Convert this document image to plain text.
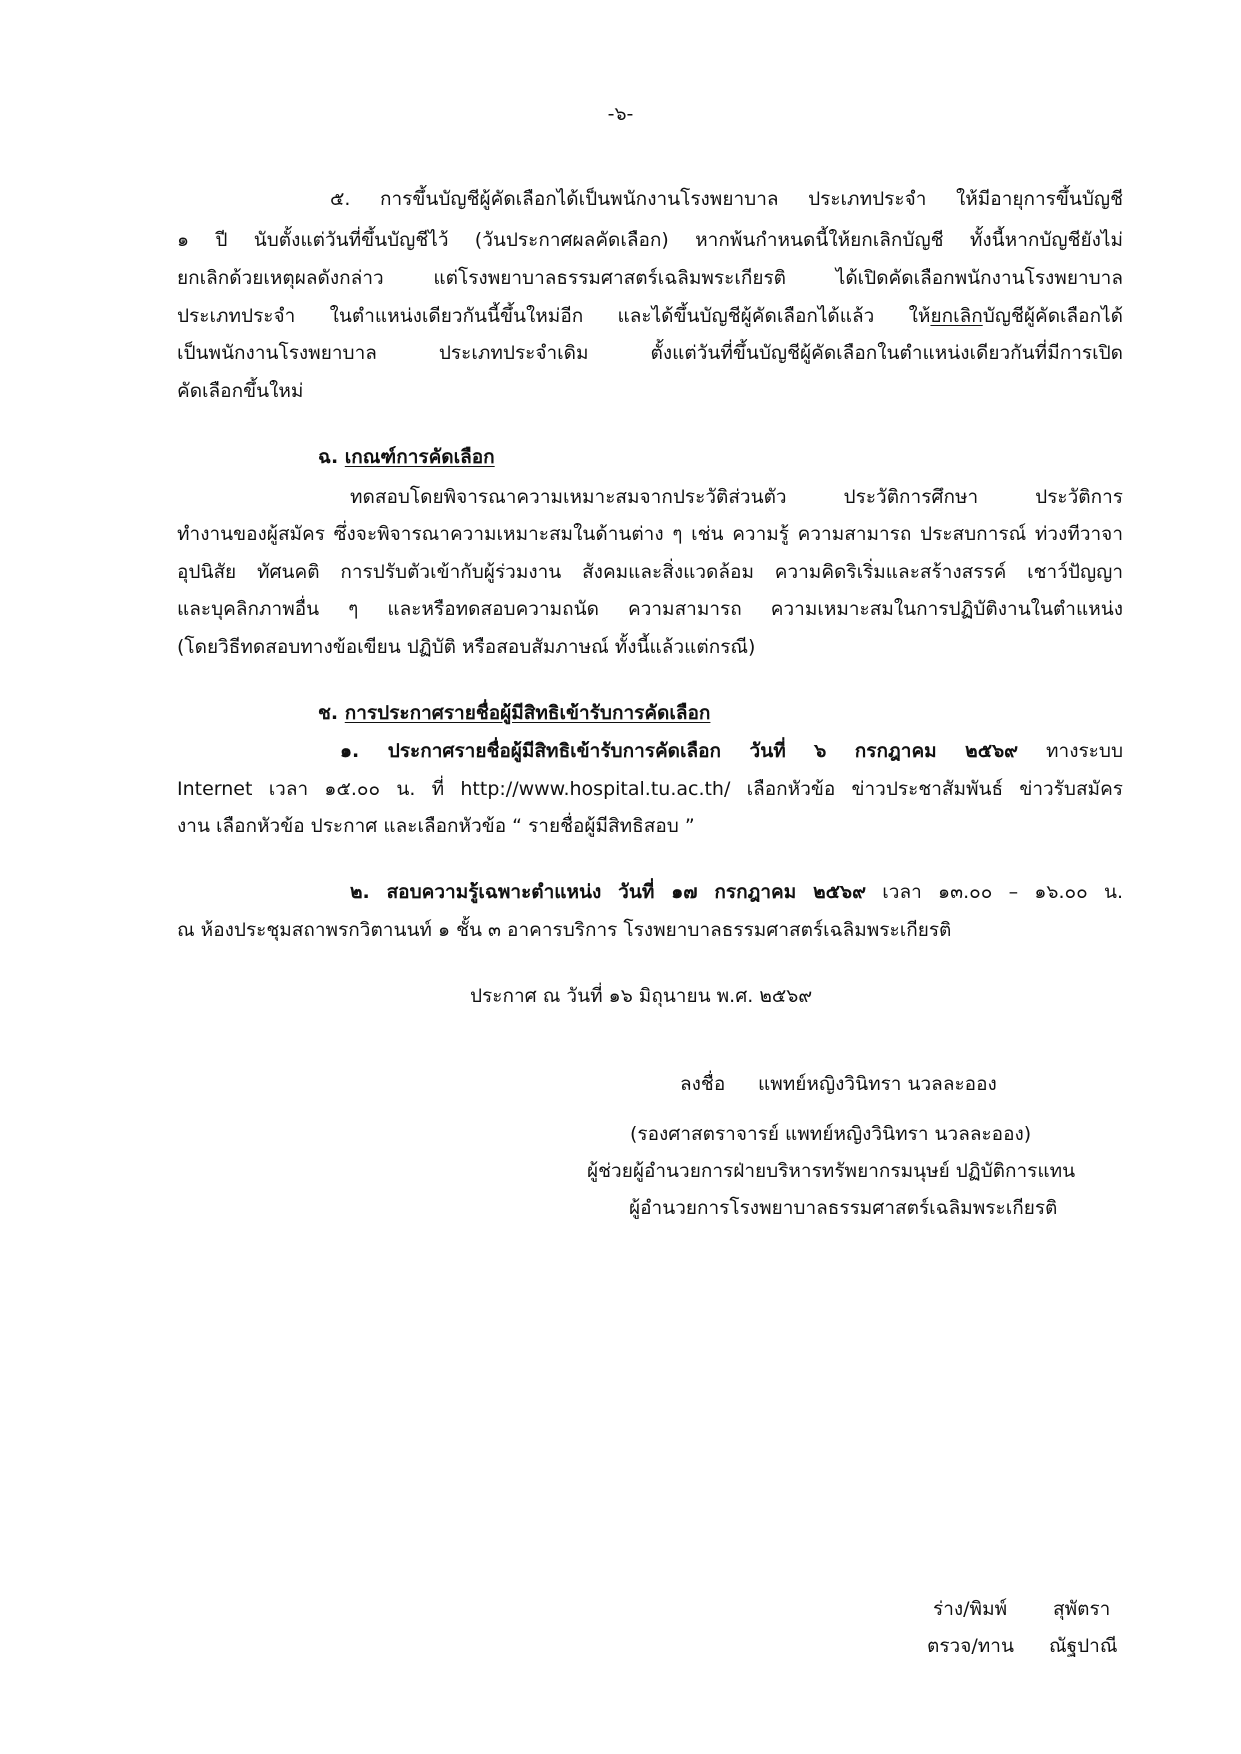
-๖-
๕. การขึ้นบัญชีผู้คัดเลือกได้เป็นพนักงานโรงพยาบาล ประเภทประจำ ให้มีอายุการขึ้นบัญชี
๑ ปี นับตั้งแต่วันที่ขึ้นบัญชีไว้ (วันประกาศผลคัดเลือก) หากพ้นกำหนดนี้ให้ยกเลิกบัญชี ทั้งนี้หากบัญชียังไม่
ยกเลิกด้วยเหตุผลดังกล่าว แต่โรงพยาบาลธรรมศาสตร์เฉลิมพระเกียรติ ได้เปิดคัดเลือกพนักงานโรงพยาบาล
ประเภทประจำ ในตำแหน่งเดียวกันนี้ขึ้นใหม่อีก และได้ขึ้นบัญชีผู้คัดเลือกได้แล้ว ให้ยกเลิกบัญชีผู้คัดเลือกได้
เป็นพนักงานโรงพยาบาล ประเภทประจำเดิม ตั้งแต่วันที่ขึ้นบัญชีผู้คัดเลือกในตำแหน่งเดียวกันที่มีการเปิด
คัดเลือกขึ้นใหม่
ฉ. เกณฑ์การคัดเลือก
ทดสอบโดยพิจารณาความเหมาะสมจากประวัติส่วนตัว ประวัติการศึกษา ประวัติการ
ทำงานของผู้สมัคร ซึ่งจะพิจารณาความเหมาะสมในด้านต่าง ๆ เช่น ความรู้ ความสามารถ ประสบการณ์ ท่วงทีวาจา
อุปนิสัย ทัศนคติ การปรับตัวเข้ากับผู้ร่วมงาน สังคมและสิ่งแวดล้อม ความคิดริเริ่มและสร้างสรรค์ เชาว์ปัญญา
และบุคลิกภาพอื่น ๆ และหรือทดสอบความถนัด ความสามารถ ความเหมาะสมในการปฏิบัติงานในตำแหน่ง
(โดยวิธีทดสอบทางข้อเขียน ปฏิบัติ หรือสอบสัมภาษณ์ ทั้งนี้แล้วแต่กรณี)
ช. การประกาศรายชื่อผู้มีสิทธิเข้ารับการคัดเลือก
๑. ประกาศรายชื่อผู้มีสิทธิเข้ารับการคัดเลือก วันที่ ๖ กรกฎาคม ๒๕๖๙ ทางระบบ
Internet เวลา ๑๕.๐๐ น. ที่ http://www.hospital.tu.ac.th/ เลือกหัวข้อ ข่าวประชาสัมพันธ์ ข่าวรับสมัคร
งาน เลือกหัวข้อ ประกาศ และเลือกหัวข้อ “ รายชื่อผู้มีสิทธิสอบ ”
๒. สอบความรู้เฉพาะตำแหน่ง วันที่ ๑๗ กรกฎาคม ๒๕๖๙ เวลา ๑๓.๐๐ – ๑๖.๐๐ น.
ณ ห้องประชุมสถาพรกวิตานนท์ ๑ ชั้น ๓ อาคารบริการ โรงพยาบาลธรรมศาสตร์เฉลิมพระเกียรติ
ประกาศ ณ วันที่ ๑๖ มิถุนายน พ.ศ. ๒๕๖๙
ลงชื่อ แพทย์หญิงวินิทรา นวลละออง
(รองศาสตราจารย์ แพทย์หญิงวินิทรา นวลละออง)
ผู้ช่วยผู้อำนวยการฝ่ายบริหารทรัพยากรมนุษย์ ปฏิบัติการแทน
ผู้อำนวยการโรงพยาบาลธรรมศาสตร์เฉลิมพระเกียรติ
ร่าง/พิมพ์ สุพัตรา
ตรวจ/ทาน ณัฐปาณี
